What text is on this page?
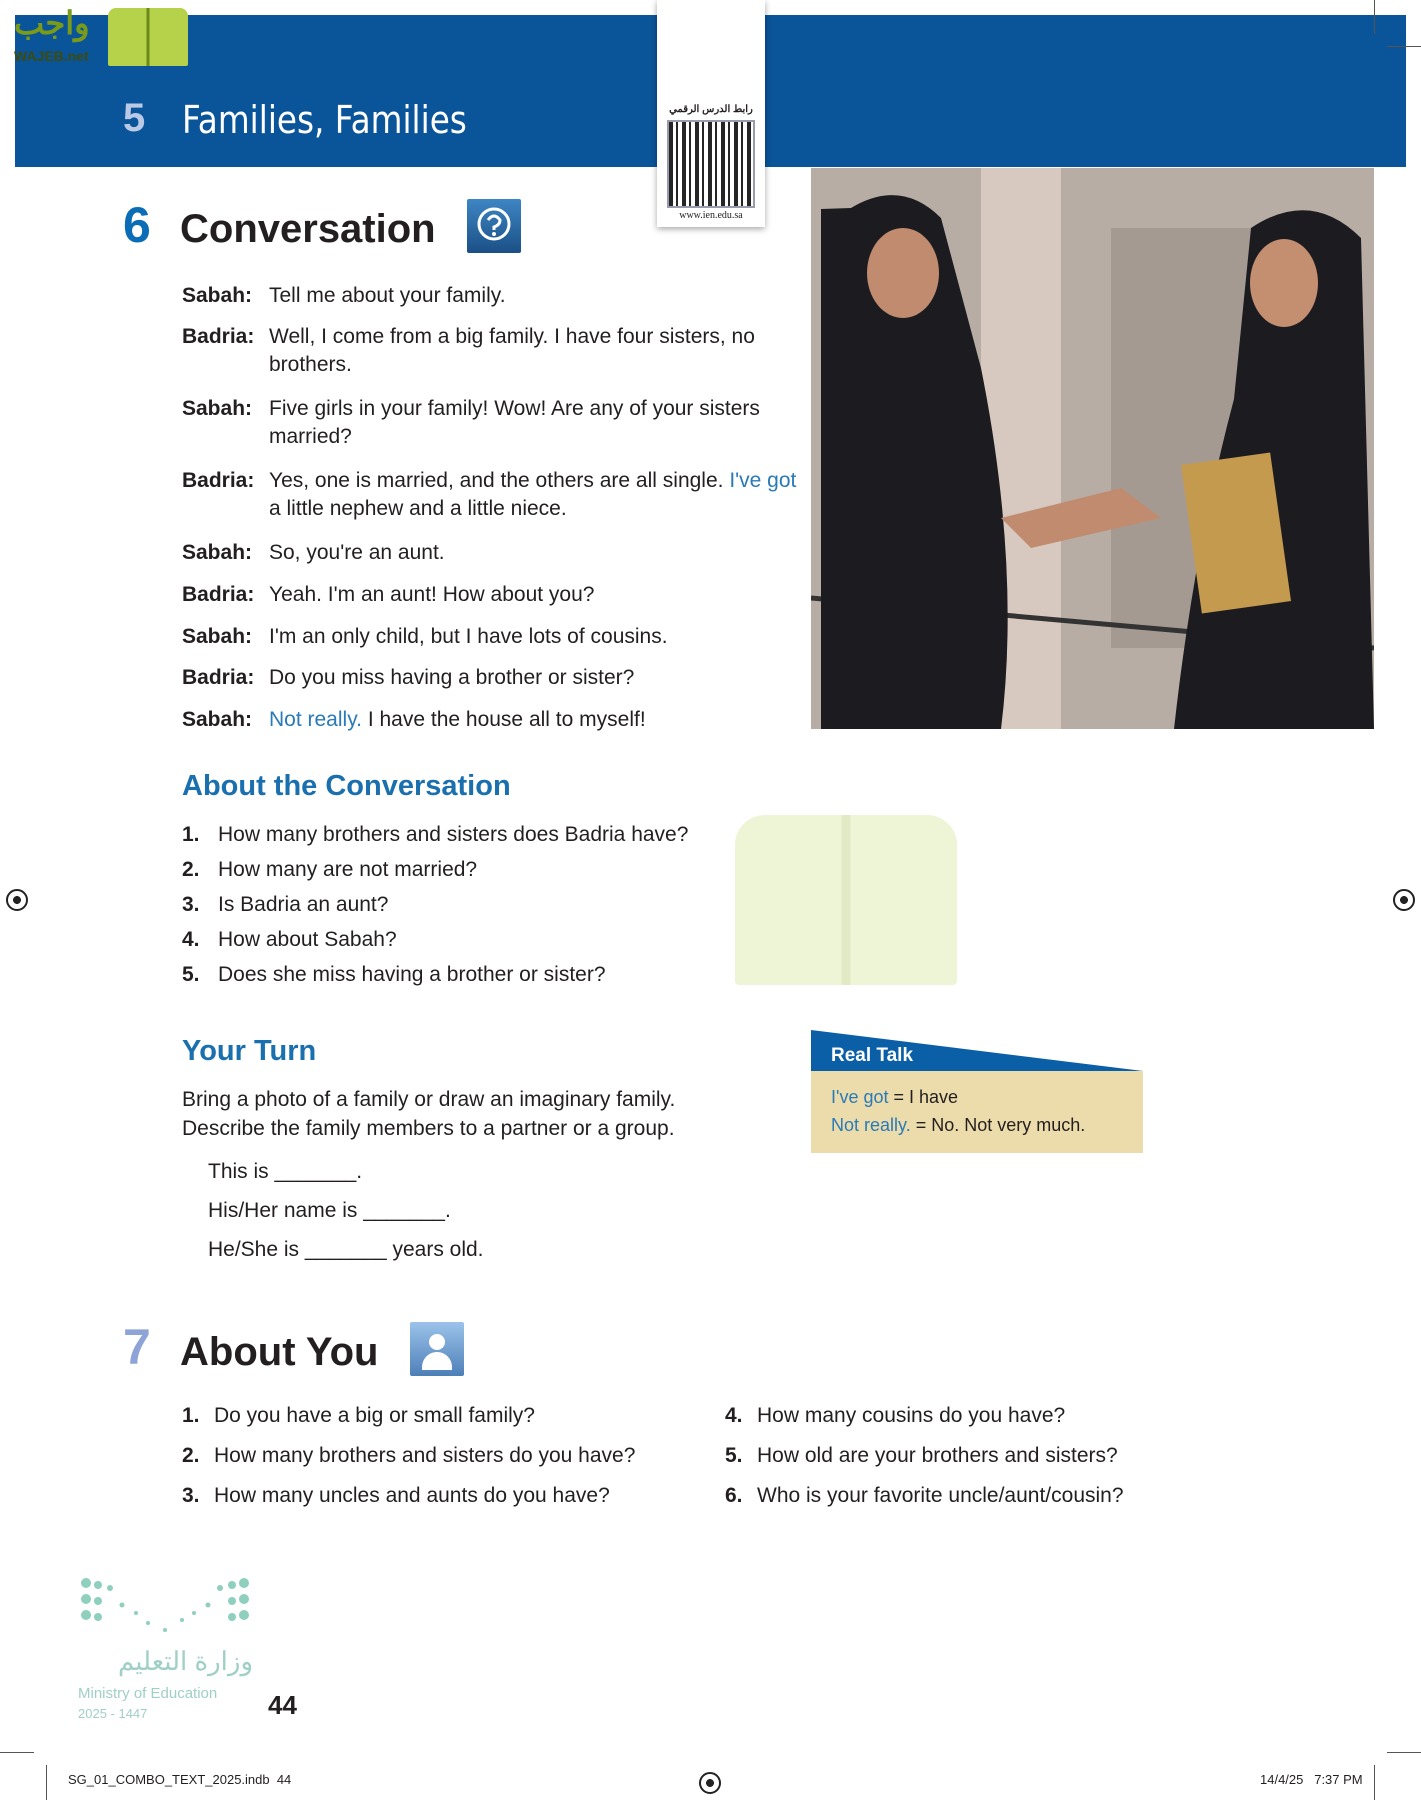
5 Families, Families
واجب
WAJEB.net
رابط الدرس الرقمي
www.ien.edu.sa
6 Conversation
Sabah: Tell me about your family.
Badria: Well, I come from a big family. I have four sisters, no brothers.
Sabah: Five girls in your family! Wow! Are any of your sisters married?
Badria: Yes, one is married, and the others are all single. I've got a little nephew and a little niece.
Sabah: So, you're an aunt.
Badria: Yeah. I'm an aunt! How about you?
Sabah: I'm an only child, but I have lots of cousins.
Badria: Do you miss having a brother or sister?
Sabah: Not really. I have the house all to myself!
About the Conversation
1. How many brothers and sisters does Badria have?
2. How many are not married?
3. Is Badria an aunt?
4. How about Sabah?
5. Does she miss having a brother or sister?
Your Turn
Bring a photo of a family or draw an imaginary family.
Describe the family members to a partner or a group.
This is _______.
His/Her name is _______.
He/She is _______ years old.
Real Talk
I've got = I have
Not really. = No. Not very much.
7 About You
1. Do you have a big or small family?
2. How many brothers and sisters do you have?
3. How many uncles and aunts do you have?
4. How many cousins do you have?
5. How old are your brothers and sisters?
6. Who is your favorite uncle/aunt/cousin?
وزارة التعليم
Ministry of Education
2025 - 1447	44
SG_01_COMBO_TEXT_2025.indb  44	14/4/25   7:37 PM
